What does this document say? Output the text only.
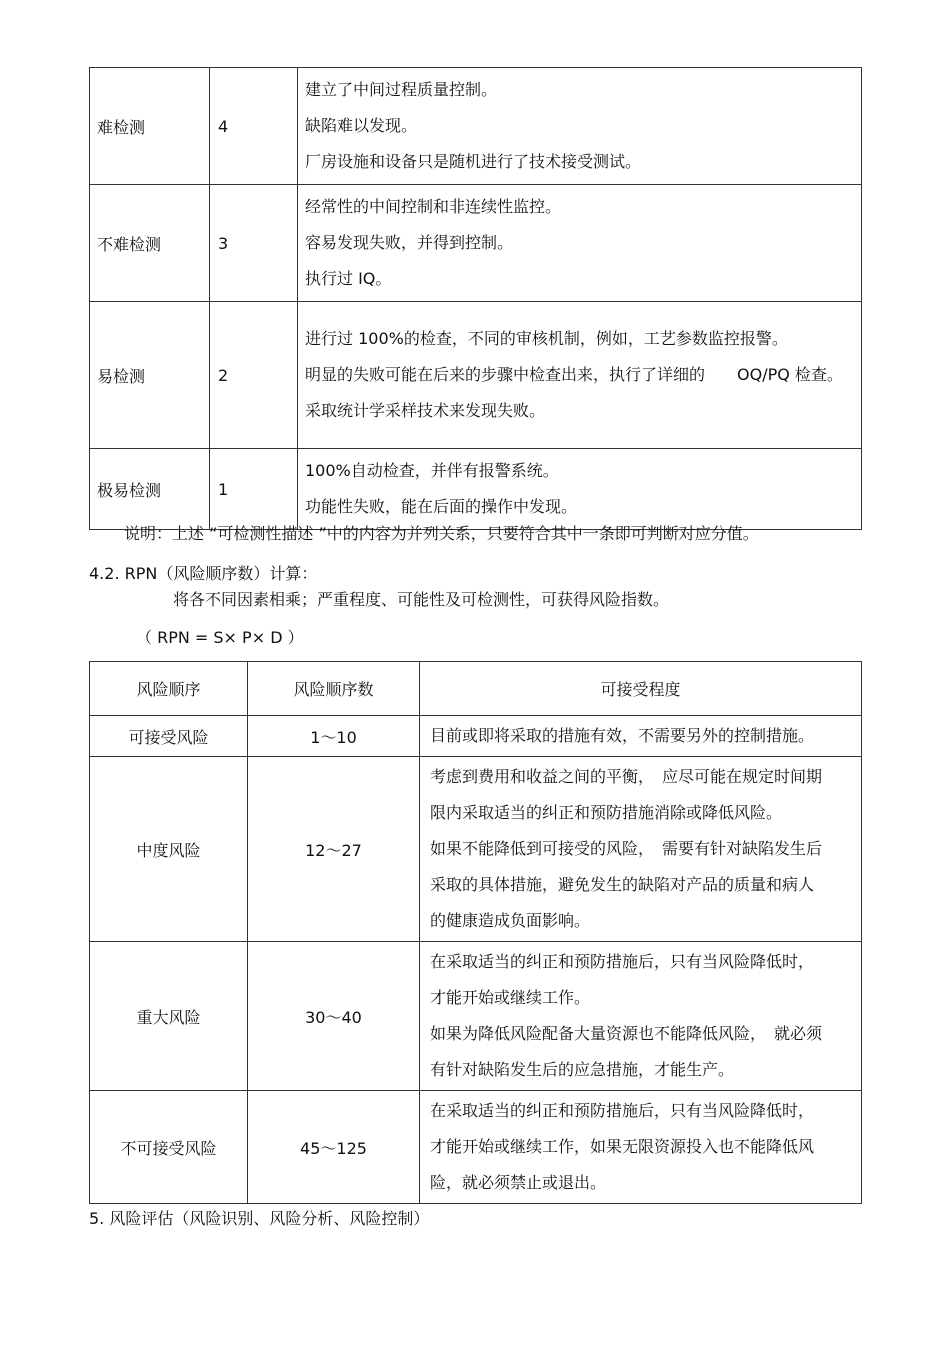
难检测	4	建立了中间过程质量控制。
缺陷难以发现。
厂房设施和设备只是随机进行了技术接受测试。

不难检测	3	经常性的中间控制和非连续性监控。
容易发现失败，并得到控制。
执行过 IQ。

易检测	2	进行过 100%的检查，不同的审核机制，例如，工艺参数监控报警。
明显的失败可能在后来的步骤中检查出来，执行了详细的　　OQ/PQ 检查。
采取统计学采样技术来发现失败。

极易检测	1	100%自动检查，并伴有报警系统。
功能性失败，能在后面的操作中发现。
说明：上述 “可检测性描述 ”中的内容为并列关系，只要符合其中一条即可判断对应分值。
4.2. RPN（风险顺序数）计算：
将各不同因素相乘；严重程度、可能性及可检测性，可获得风险指数。
（ RPN = S× P× D ）
风险顺序	风险顺序数	可接受程度
可接受风险	1～10	目前或即将采取的措施有效，不需要另外的控制措施。

中度风险	12～27	考虑到费用和收益之间的平衡，　应尽可能在规定时间期
限内采取适当的纠正和预防措施消除或降低风险。
如果不能降低到可接受的风险，　需要有针对缺陷发生后
采取的具体措施，避免发生的缺陷对产品的质量和病人
的健康造成负面影响。

重大风险	30～40	在采取适当的纠正和预防措施后，只有当风险降低时，
才能开始或继续工作。
如果为降低风险配备大量资源也不能降低风险，　就必须
有针对缺陷发生后的应急措施，才能生产。

不可接受风险	45～125	在采取适当的纠正和预防措施后，只有当风险降低时，
才能开始或继续工作，如果无限资源投入也不能降低风
险，就必须禁止或退出。
5. 风险评估（风险识别、风险分析、风险控制）
